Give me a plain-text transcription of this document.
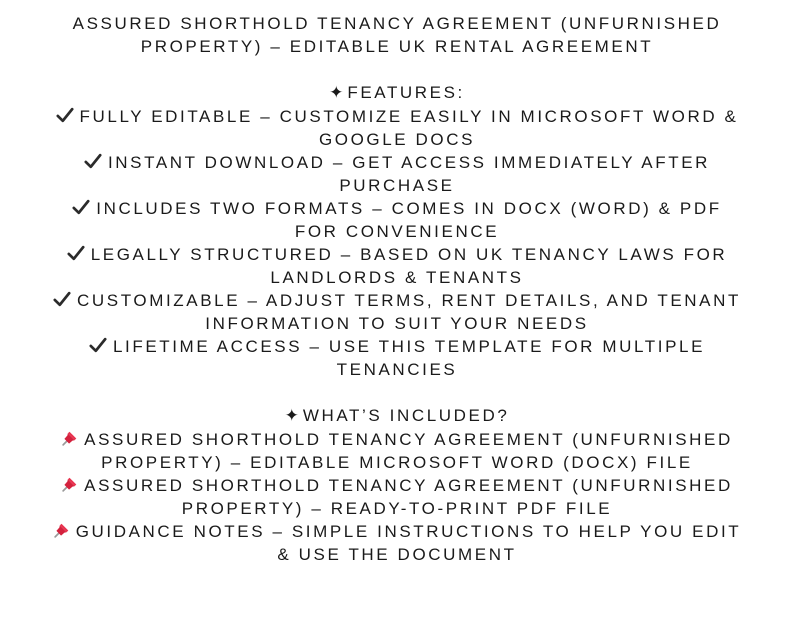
ASSURED SHORTHOLD TENANCY AGREEMENT (UNFURNISHED
PROPERTY) – EDITABLE UK RENTAL AGREEMENT
✦ FEATURES:
FULLY EDITABLE – CUSTOMIZE EASILY IN MICROSOFT WORD &
GOOGLE DOCS
INSTANT DOWNLOAD – GET ACCESS IMMEDIATELY AFTER
PURCHASE
INCLUDES TWO FORMATS – COMES IN DOCX (WORD) & PDF
FOR CONVENIENCE
LEGALLY STRUCTURED – BASED ON UK TENANCY LAWS FOR
LANDLORDS & TENANTS
CUSTOMIZABLE – ADJUST TERMS, RENT DETAILS, AND TENANT
INFORMATION TO SUIT YOUR NEEDS
LIFETIME ACCESS – USE THIS TEMPLATE FOR MULTIPLE
TENANCIES
✦ WHAT’S INCLUDED?
ASSURED SHORTHOLD TENANCY AGREEMENT (UNFURNISHED
PROPERTY) – EDITABLE MICROSOFT WORD (DOCX) FILE
ASSURED SHORTHOLD TENANCY AGREEMENT (UNFURNISHED
PROPERTY) – READY-TO-PRINT PDF FILE
GUIDANCE NOTES – SIMPLE INSTRUCTIONS TO HELP YOU EDIT
& USE THE DOCUMENT
